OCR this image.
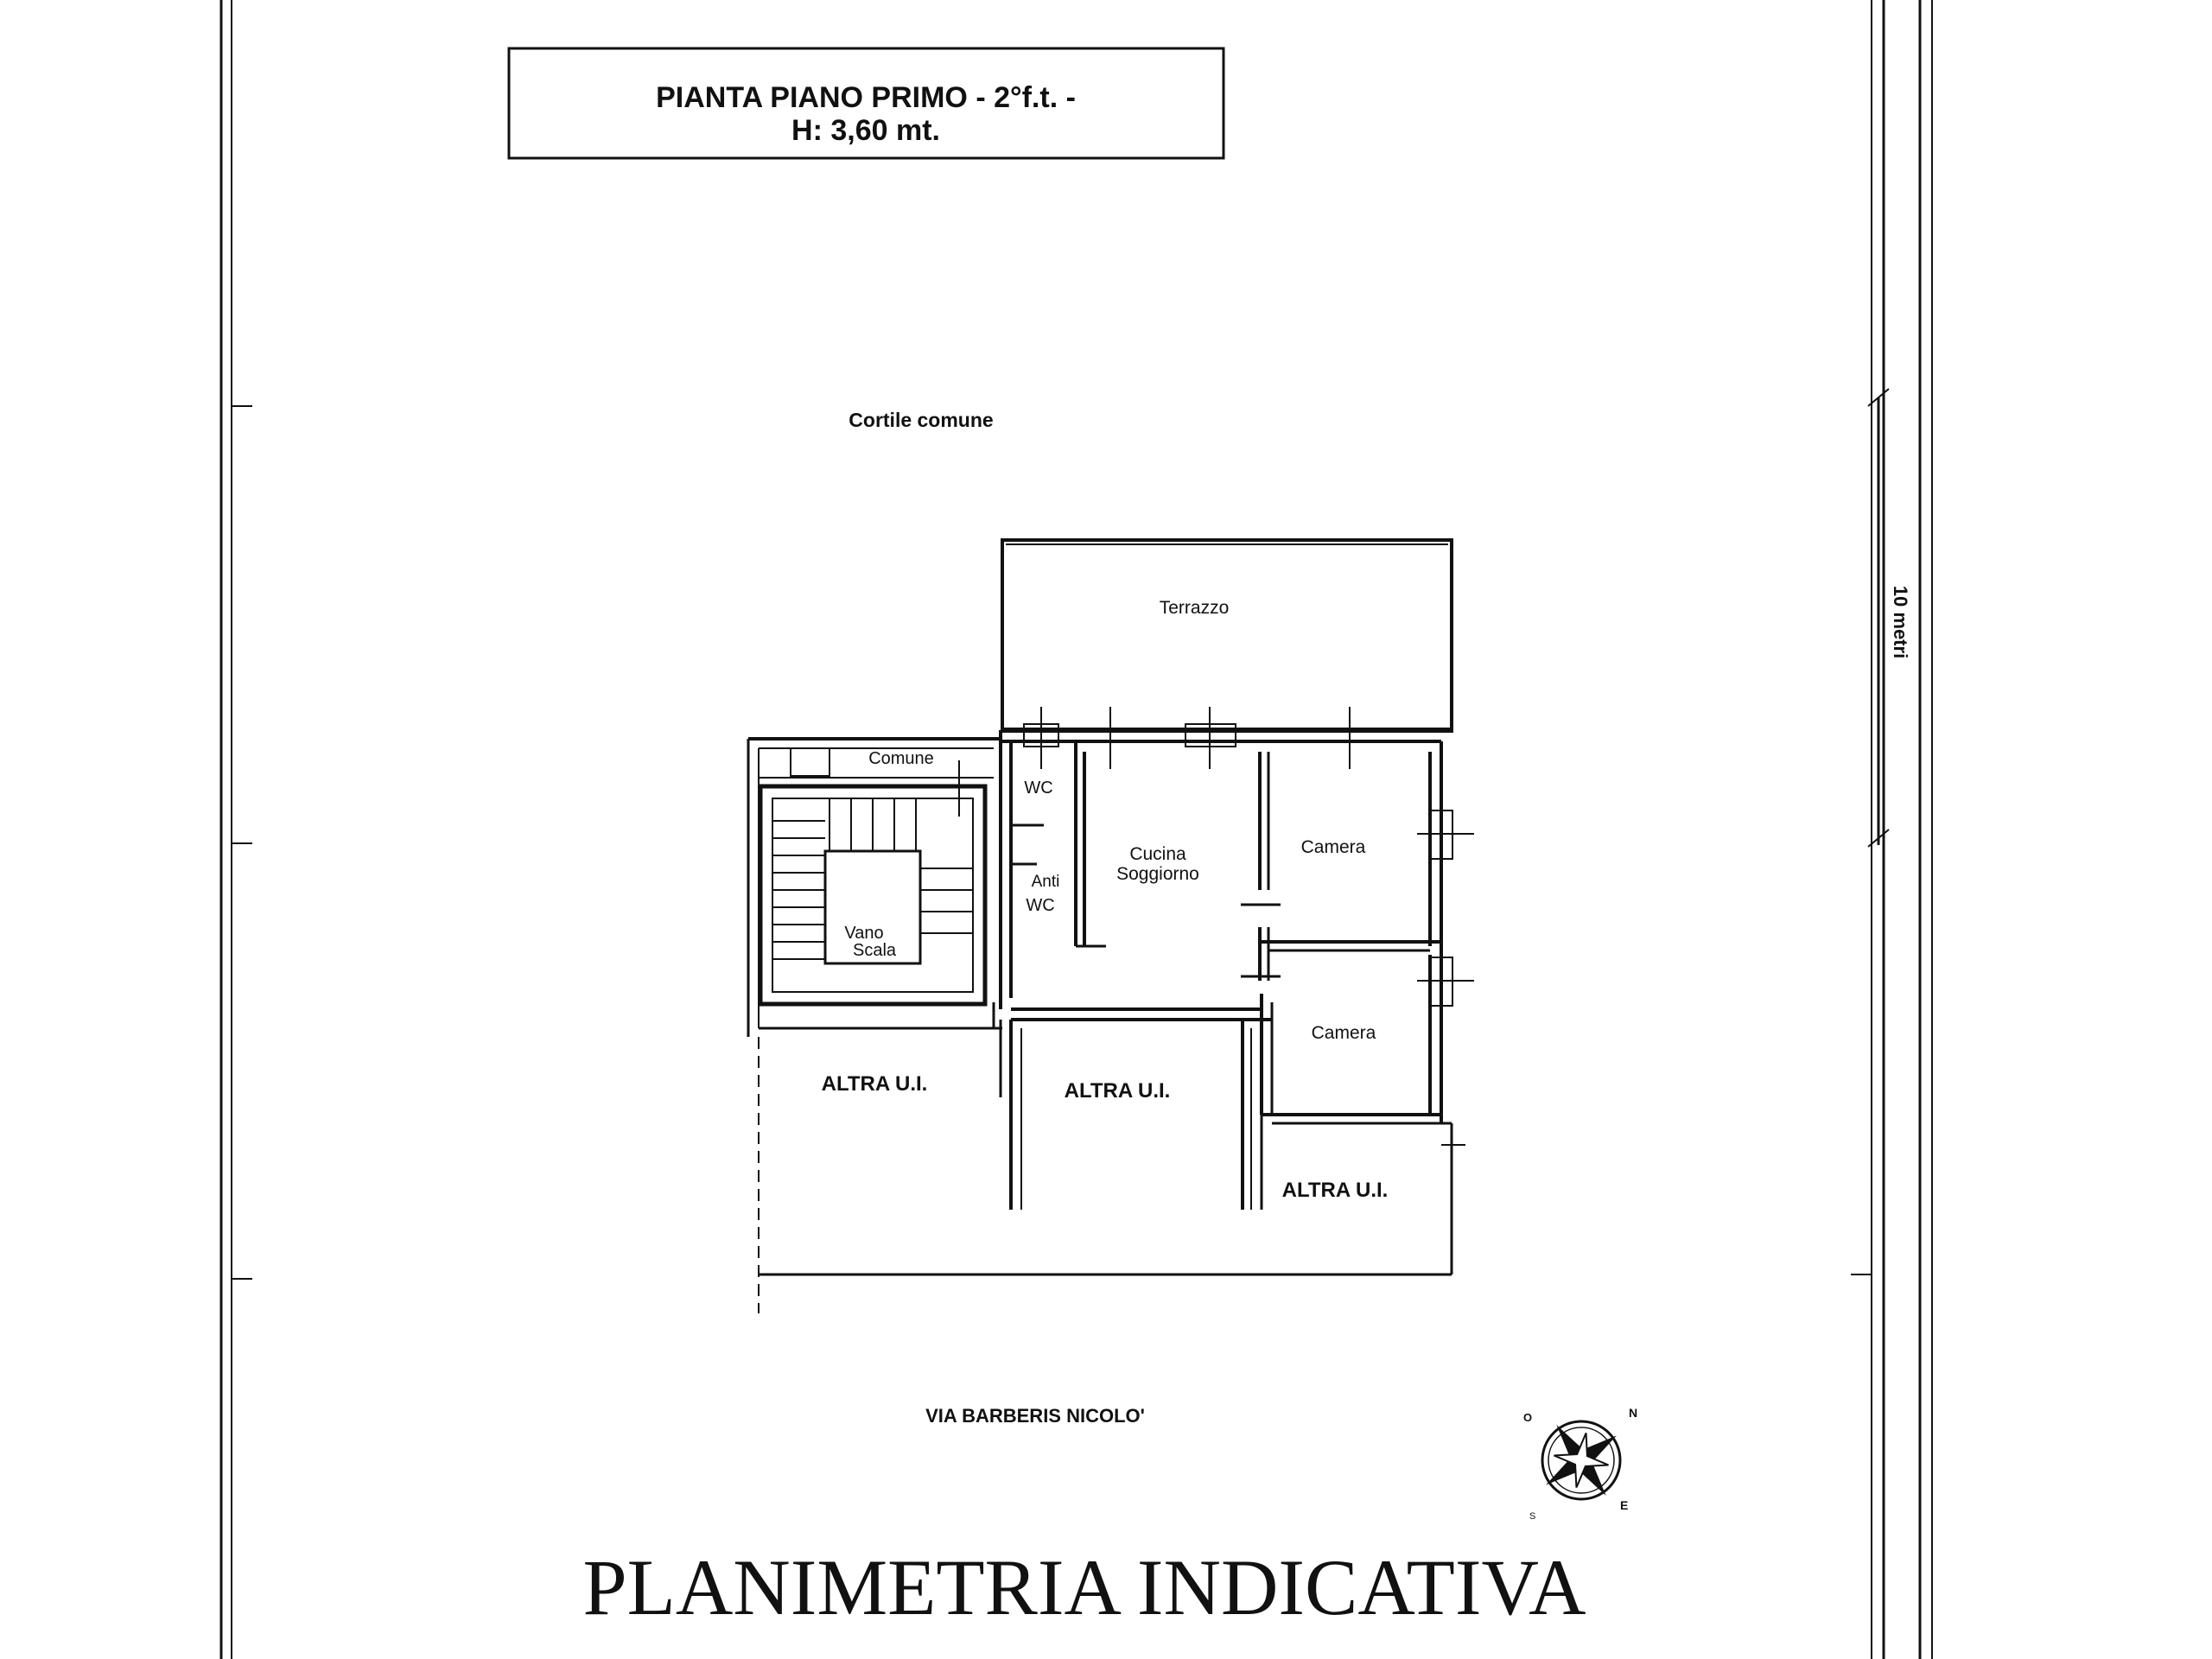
PIANTA PIANO PRIMO - 2°f.t. -
H: 3,60 mt.
Cortile comune
10 metri
Terrazzo
Vano
Scala
Comune
WC
Anti
WC
Cucina
Soggiorno
Camera
Camera
ALTRA U.I.	ALTRA U.I.
ALTRA U.I.
VIA BARBERIS NICOLO'	N
E
S
O
PLANIMETRIA INDICATIVA
